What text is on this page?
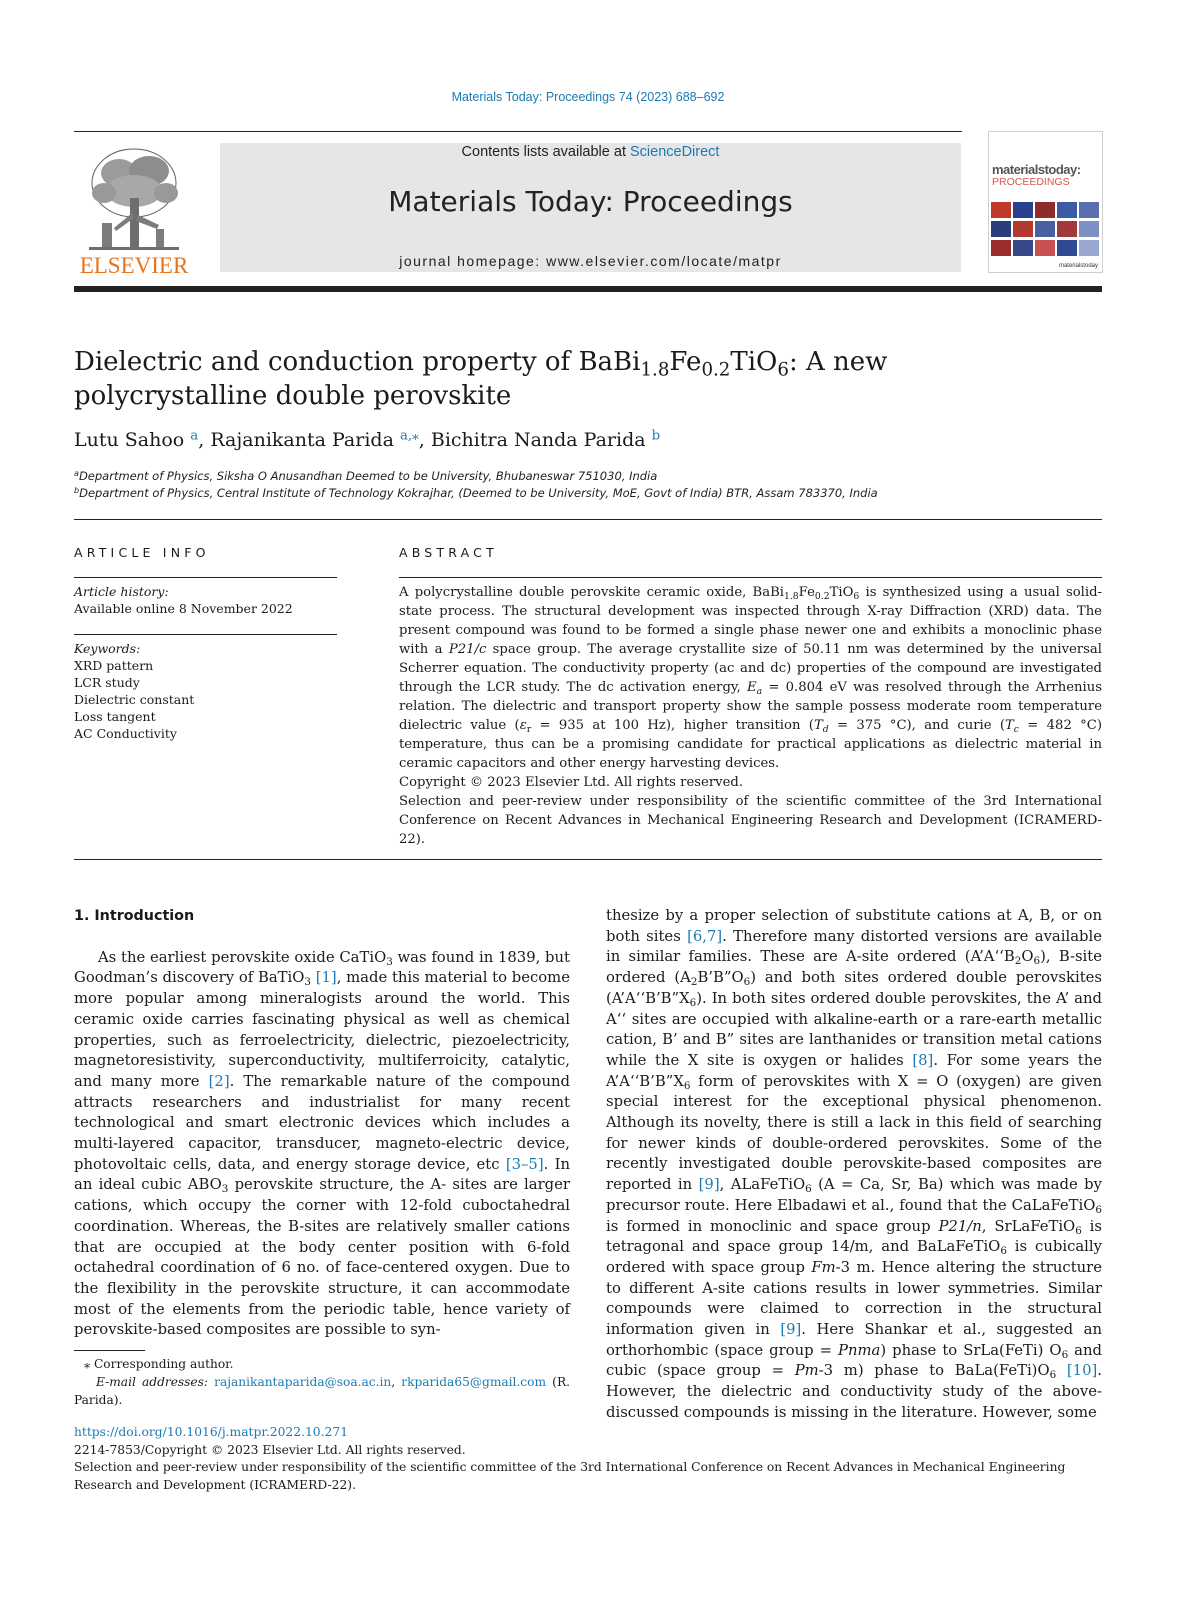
Materials Today: Proceedings 74 (2023) 688–692
ELSEVIER
Contents lists available at ScienceDirect
Materials Today: Proceedings
journal homepage: www.elsevier.com/locate/matpr
materialstoday:
PROCEEDINGS
materialstoday
Dielectric and conduction property of $BaBi_{1.8}Fe_{0.2}TiO_6$: A new polycrystalline double perovskite
Lutu Sahoo $^a$, Rajanikanta Parida $^{a,⁎}$, Bichitra Nanda Parida $^b$
$^a$Department of Physics, Siksha O Anusandhan Deemed to be University, Bhubaneswar 751030, India
$^b$Department of Physics, Central Institute of Technology Kokrajhar, (Deemed to be University, MoE, Govt of India) BTR, Assam 783370, India
ARTICLE INFO
Article history:
Available online 8 November 2022
Keywords:
XRD pattern
LCR study
Dielectric constant
Loss tangent
AC Conductivity
ABSTRACT
A polycrystalline double perovskite ceramic oxide, $BaBi_{1.8}Fe_{0.2}TiO_6$ is synthesized using a usual solid-state process. The structural development was inspected through X-ray Diffraction (XRD) data. The present compound was found to be formed a single phase newer one and exhibits a monoclinic phase with a P21/c space group. The average crystallite size of 50.11 nm was determined by the universal Scherrer equation. The conductivity property (ac and dc) properties of the compound are investigated through the LCR study. The dc activation energy, $E_a = 0.804$ eV was resolved through the Arrhenius relation. The dielectric and transport property show the sample possess moderate room temperature dielectric value ($\varepsilon_r = 935$ at 100 Hz), higher transition ($T_d = 375$ °C), and curie ($T_c = 482$ °C) temperature, thus can be a promising candidate for practical applications as dielectric material in ceramic capacitors and other energy harvesting devices.
Copyright © 2023 Elsevier Ltd. All rights reserved.
Selection and peer-review under responsibility of the scientific committee of the 3rd International Conference on Recent Advances in Mechanical Engineering Research and Development (ICRAMERD-22).
1. Introduction

As the earliest perovskite oxide CaTiO$_3$ was found in 1839, but Goodman’s discovery of BaTiO$_3$ [1], made this material to become more popular among mineralogists around the world. This ceramic oxide carries fascinating physical as well as chemical properties, such as ferroelectricity, dielectric, piezoelectricity, magnetoresistivity, superconductivity, multiferroicity, catalytic, and many more [2]. The remarkable nature of the compound attracts researchers and industrialist for many recent technological and smart electronic devices which includes a multi-layered capacitor, transducer, magneto-electric device, photovoltaic cells, data, and energy storage device, etc [3–5]. In an ideal cubic $ABO_3$ perovskite structure, the A- sites are larger cations, which occupy the corner with 12-fold cuboctahedral coordination. Whereas, the B-sites are relatively smaller cations that are occupied at the body center position with 6-fold octahedral coordination of 6 no. of face-centered oxygen. Due to the flexibility in the perovskite structure, it can accommodate most of the elements from the periodic table, hence variety of perovskite-based composites are possible to syn-

thesize by a proper selection of substitute cations at A, B, or on both sites [6,7]. Therefore many distorted versions are available in similar families. These are A-site ordered $(A’A‘‘B_2O_6)$, B-site ordered $(A_2B’B”O_6)$ and both sites ordered double perovskites $(A’A‘‘B’B”X_6)$. In both sites ordered double perovskites, the A’ and A‘‘ sites are occupied with alkaline-earth or a rare-earth metallic cation, B’ and B” sites are lanthanides or transition metal cations while the X site is oxygen or halides [8]. For some years the $A’A‘‘B’B”X_6$ form of perovskites with X = O (oxygen) are given special interest for the exceptional physical phenomenon. Although its novelty, there is still a lack in this field of searching for newer kinds of double-ordered perovskites. Some of the recently investigated double perovskite-based composites are reported in [9], ALaFeTiO$_6$ (A = Ca, Sr, Ba) which was made by precursor route. Here Elbadawi et al., found that the CaLaFeTiO$_6$ is formed in monoclinic and space group P21/n, SrLaFeTiO$_6$ is tetragonal and space group 14/m, and BaLaFeTiO$_6$ is cubically ordered with space group Fm-3 m. Hence altering the structure to different A-site cations results in lower symmetries. Similar compounds were claimed to correction in the structural information given in [9]. Here Shankar et al., suggested an orthorhombic (space group = Pnma) phase to SrLa(FeTi) $O_6$ and cubic (space group = Pm-3 m) phase to $BaLa(FeTi)O_6$ [10]. However, the dielectric and conductivity study of the above-discussed compounds is missing in the literature. However, some

⁎ Corresponding author.
E-mail addresses: rajanikantaparida@soa.ac.in, rkparida65@gmail.com (R. Parida).
https://doi.org/10.1016/j.matpr.2022.10.271
2214-7853/Copyright © 2023 Elsevier Ltd. All rights reserved.
Selection and peer-review under responsibility of the scientific committee of the 3rd International Conference on Recent Advances in Mechanical Engineering Research and Development (ICRAMERD-22).
